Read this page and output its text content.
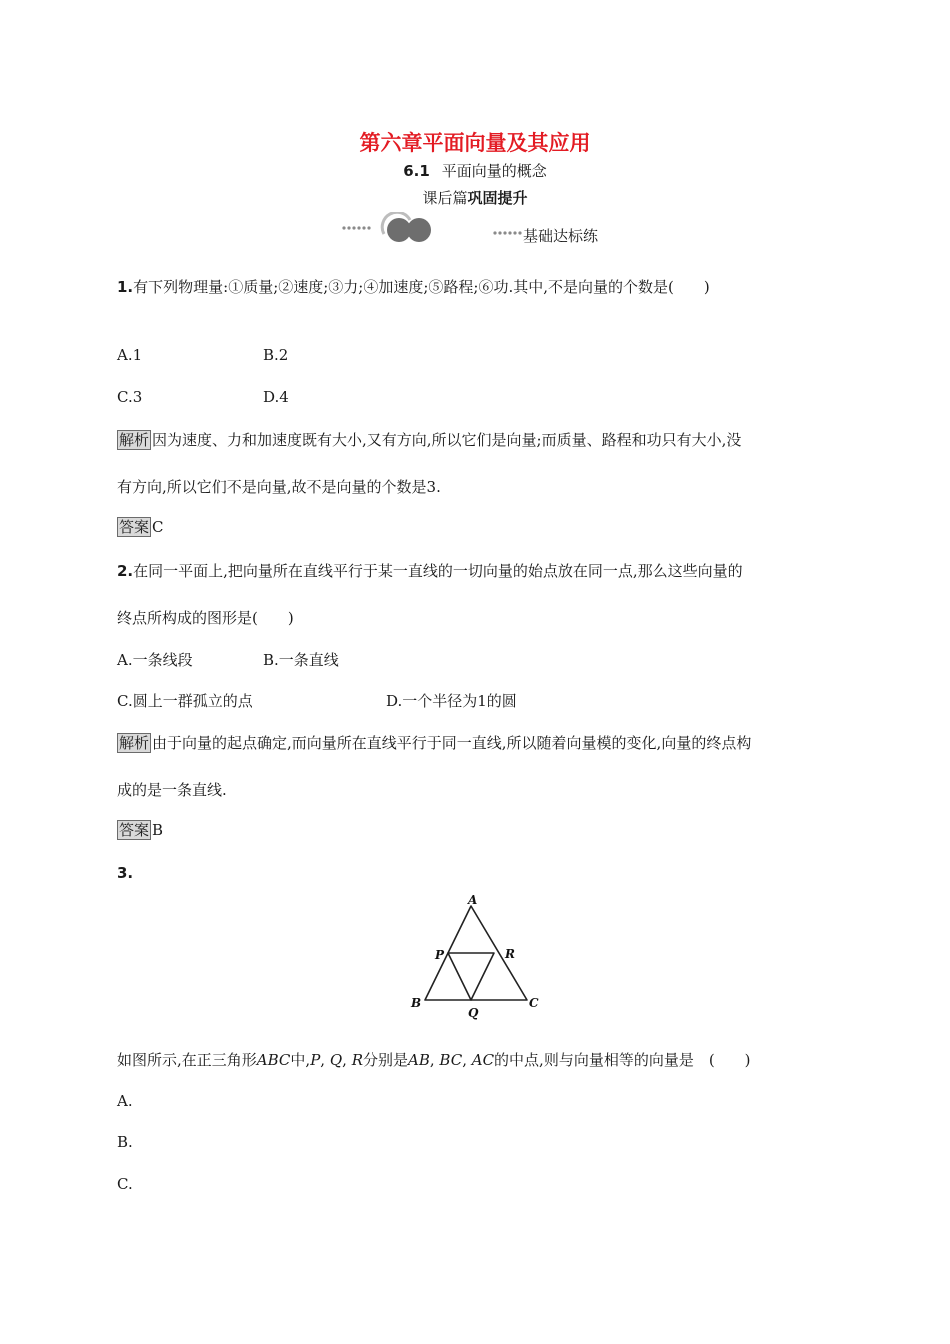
第六章平面向量及其应用
6.1 平面向量的概念
课后篇巩固提升
基础达标练
1.有下列物理量:①质量;②速度;③力;④加速度;⑤路程;⑥功.其中,不是向量的个数是(　　)
A.1	B.2
C.3	D.4
解析 因为速度、力和加速度既有大小,又有方向,所以它们是向量;而质量、路程和功只有大小,没
有方向,所以它们不是向量,故不是向量的个数是3.
答案 C
2.在同一平面上,把向量所在直线平行于某一直线的一切向量的始点放在同一点,那么这些向量的
终点所构成的图形是(　　)
A.一条线段	B.一条直线
C.圆上一群孤立的点	D.一个半径为1的圆
解析 由于向量的起点确定,而向量所在直线平行于同一直线,所以随着向量模的变化,向量的终点构
成的是一条直线.
答案 B
3.
A
P	R
B
Q
C
如图所示,在正三角形ABC中,P, Q, R分别是AB, BC, AC的中点,则与向量相等的向量是　(　　)
A.
B.
C.
